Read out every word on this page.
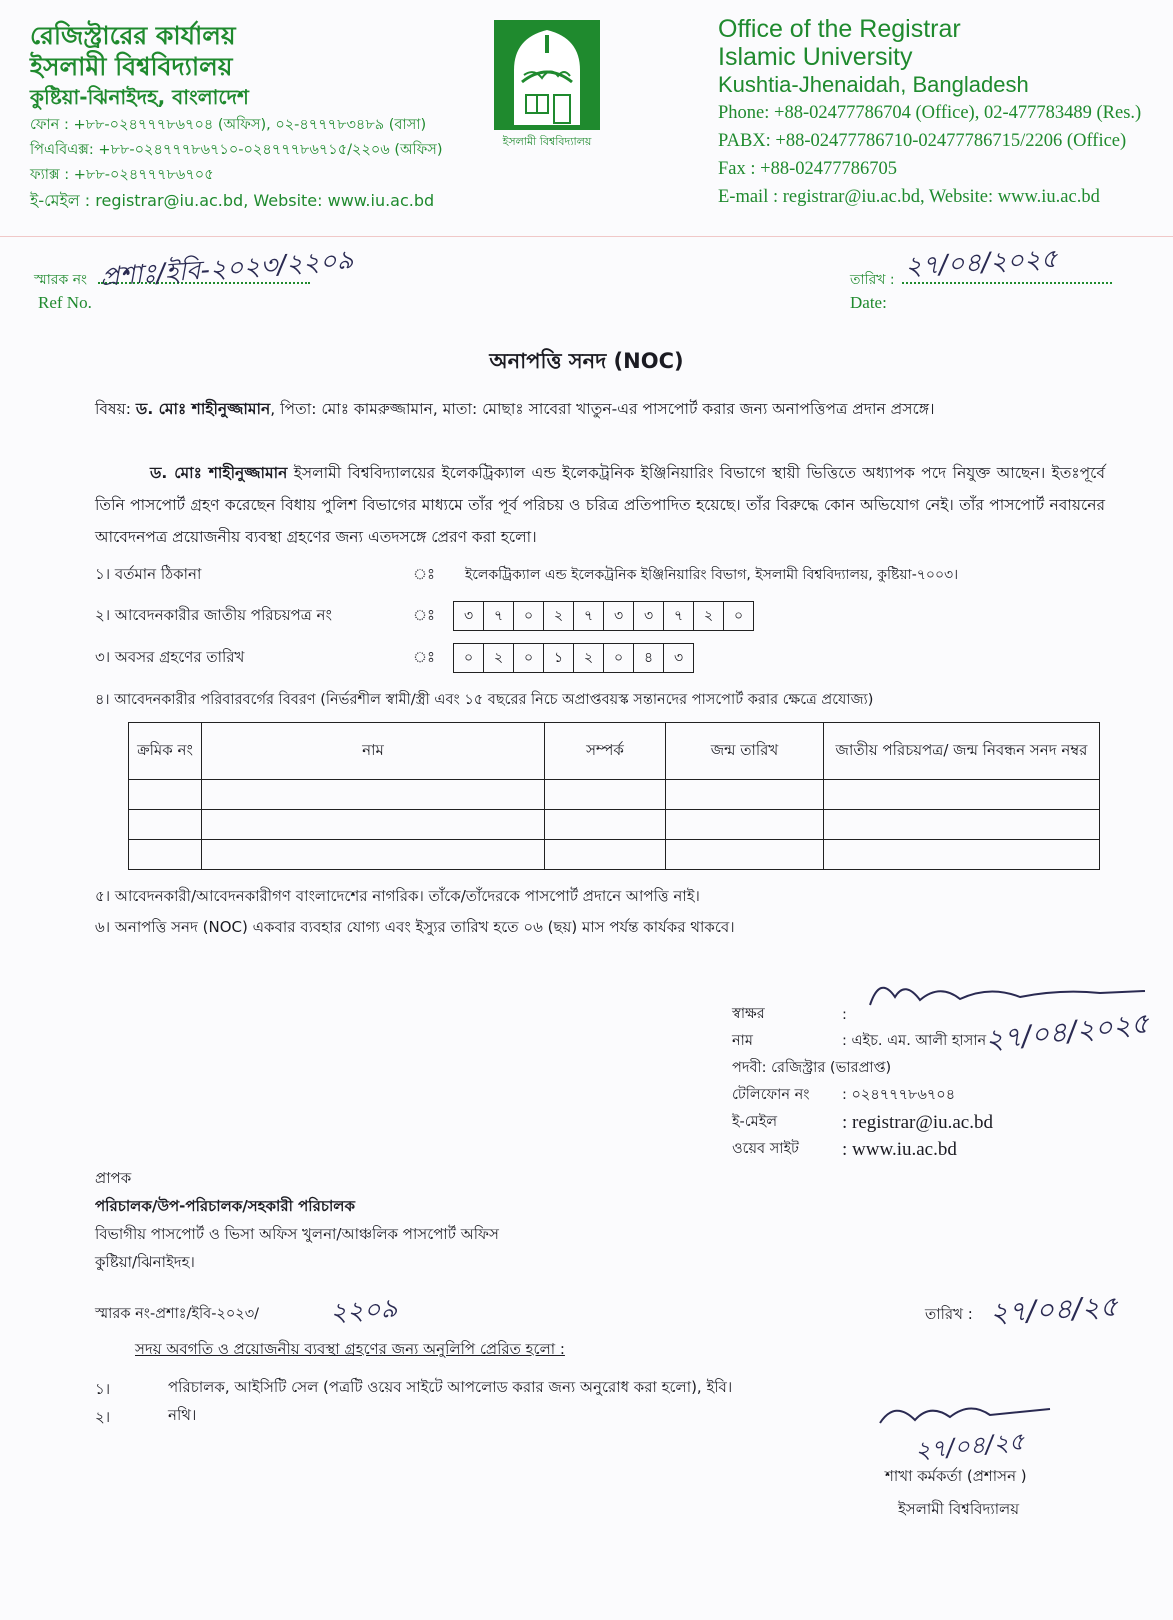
রেজিস্ট্রারের কার্যালয়
ইসলামী বিশ্ববিদ্যালয়
কুষ্টিয়া-ঝিনাইদহ, বাংলাদেশ
ফোন : +৮৮-০২৪৭৭৭৮৬৭০৪ (অফিস), ০২-৪৭৭৭৮৩৪৮৯ (বাসা)
পিএবিএক্স: +৮৮-০২৪৭৭৭৮৬৭১০-০২৪৭৭৭৮৬৭১৫/২২০৬ (অফিস)
ফ্যাক্স : +৮৮-০২৪৭৭৭৮৬৭০৫
ই-মেইল : registrar@iu.ac.bd, Website: www.iu.ac.bd
ইসলামী বিশ্ববিদ্যালয়
Office of the Registrar
Islamic University
Kushtia-Jhenaidah, Bangladesh
Phone: +88-02477786704 (Office), 02-477783489 (Res.)
PABX: +88-02477786710-02477786715/2206 (Office)
Fax : +88-02477786705
E-mail : registrar@iu.ac.bd, Website: www.iu.ac.bd
স্মারক নং প্রশাঃ/ইবি-২০২৩/২২০৯
Ref No.
তারিখ : ২৭/০৪/২০২৫
Date:
অনাপত্তি সনদ (NOC)
বিষয়: ড. মোঃ শাহীনুজ্জামান, পিতা: মোঃ কামরুজ্জামান, মাতা: মোছাঃ সাবেরা খাতুন-এর পাসপোর্ট করার জন্য অনাপত্তিপত্র প্রদান প্রসঙ্গে।
ড. মোঃ শাহীনুজ্জামান ইসলামী বিশ্ববিদ্যালয়ের ইলেকট্রিক্যাল এন্ড ইলেকট্রনিক ইঞ্জিনিয়ারিং বিভাগে স্থায়ী ভিত্তিতে অধ্যাপক পদে নিযুক্ত আছেন। ইতঃপূর্বে তিনি পাসপোর্ট গ্রহণ করেছেন বিধায় পুলিশ বিভাগের মাধ্যমে তাঁর পূর্ব পরিচয় ও চরিত্র প্রতিপাদিত হয়েছে। তাঁর বিরুদ্ধে কোন অভিযোগ নেই। তাঁর পাসপোর্ট নবায়নের আবেদনপত্র প্রয়োজনীয় ব্যবস্থা গ্রহণের জন্য এতদসঙ্গে প্রেরণ করা হলো।
১। বর্তমান ঠিকানা	ঃ ইলেকট্রিক্যাল এন্ড ইলেকট্রনিক ইঞ্জিনিয়ারিং বিভাগ, ইসলামী বিশ্ববিদ্যালয়, কুষ্টিয়া-৭০০৩।
২। আবেদনকারীর জাতীয় পরিচয়পত্র নং	ঃ	৩	৭	০	২	৭	৩	৩	৭	২	০
৩। অবসর গ্রহণের তারিখ	ঃ	০	২	০	১	২	০	৪	৩
৪। আবেদনকারীর পরিবারবর্গের বিবরণ (নির্ভরশীল স্বামী/স্ত্রী এবং ১৫ বছরের নিচে অপ্রাপ্তবয়স্ক সন্তানদের পাসপোর্ট করার ক্ষেত্রে প্রযোজ্য)
ক্রমিক নং	নাম	সম্পর্ক	জন্ম তারিখ	জাতীয় পরিচয়পত্র/ জন্ম নিবন্ধন সনদ নম্বর

৫। আবেদনকারী/আবেদনকারীগণ বাংলাদেশের নাগরিক। তাঁকে/তাঁদেরকে পাসপোর্ট প্রদানে আপত্তি নাই।
৬। অনাপত্তি সনদ (NOC) একবার ব্যবহার যোগ্য এবং ইস্যুর তারিখ হতে ০৬ (ছয়) মাস পর্যন্ত কার্যকর থাকবে।
২৭/০৪/২০২৫
স্বাক্ষর	:
নাম	: এইচ. এম. আলী হাসান
পদবী: রেজিস্ট্রার (ভারপ্রাপ্ত)
টেলিফোন নং	: ০২৪৭৭৭৮৬৭০৪
ই-মেইল	: registrar@iu.ac.bd
ওয়েব সাইট	: www.iu.ac.bd
প্রাপক
পরিচালক/উপ-পরিচালক/সহকারী পরিচালক
বিভাগীয় পাসপোর্ট ও ভিসা অফিস খুলনা/আঞ্চলিক পাসপোর্ট অফিস
কুষ্টিয়া/ঝিনাইদহ।
স্মারক নং-প্রশাঃ/ইবি-২০২৩/	২২০৯	তারিখ : ২৭/০৪/২৫
সদয় অবগতি ও প্রয়োজনীয় ব্যবস্থা গ্রহণের জন্য অনুলিপি প্রেরিত হলো :
১।	পরিচালক, আইসিটি সেল (পত্রটি ওয়েব সাইটে আপলোড করার জন্য অনুরোধ করা হলো), ইবি।
২।	নথি।
২৭/০৪/২৫
শাখা কর্মকর্তা (প্রশাসন )
ইসলামী বিশ্ববিদ্যালয়
